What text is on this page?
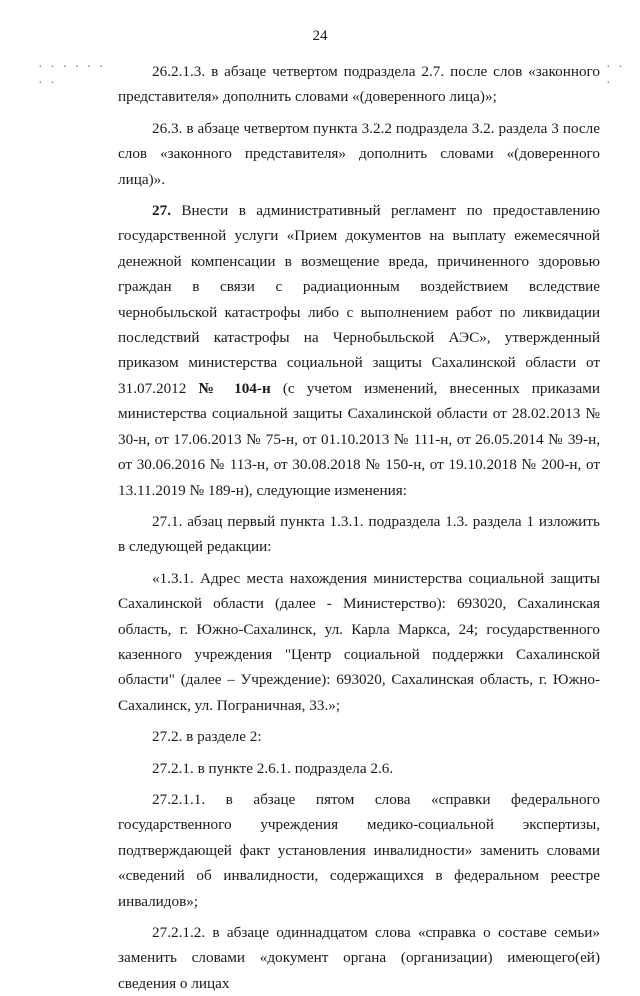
24
· · · · · · · ·
· · ·

26.2.1.3. в абзаце четвертом подраздела 2.7. после слов «законного представителя» дополнить словами «(доверенного лица)»;

26.3. в абзаце четвертом пункта 3.2.2 подраздела 3.2. раздела 3 после слов «законного представителя» дополнить словами «(доверенного лица)».

27. Внести в административный регламент по предоставлению государственной услуги «Прием документов на выплату ежемесячной денежной компенсации в возмещение вреда, причиненного здоровью граждан в связи с радиационным воздействием вследствие чернобыльской катастрофы либо с выполнением работ по ликвидации последствий катастрофы на Чернобыльской АЭС», утвержденный приказом министерства социальной защиты Сахалинской области от 31.07.2012 № 104-н (с учетом изменений, внесенных приказами министерства социальной защиты Сахалинской области от 28.02.2013 № 30-н, от 17.06.2013 № 75-н, от 01.10.2013 № 111-н, от 26.05.2014 № 39-н, от 30.06.2016 № 113-н, от 30.08.2018 № 150-н, от 19.10.2018 № 200-н, от 13.11.2019 № 189-н), следующие изменения:

27.1. абзац первый пункта 1.3.1. подраздела 1.3. раздела 1 изложить в следующей редакции:

«1.3.1. Адрес места нахождения министерства социальной защиты Сахалинской области (далее - Министерство): 693020, Сахалинская область, г. Южно-Сахалинск, ул. Карла Маркса, 24; государственного казенного учреждения "Центр социальной поддержки Сахалинской области" (далее – Учреждение): 693020, Сахалинская область, г. Южно-Сахалинск, ул. Пограничная, 33.»;

27.2. в разделе 2:

27.2.1. в пункте 2.6.1. подраздела 2.6.

27.2.1.1. в абзаце пятом слова «справки федерального государственного учреждения медико-социальной экспертизы, подтверждающей факт установления инвалидности» заменить словами «сведений об инвалидности, содержащихся в федеральном реестре инвалидов»;

27.2.1.2. в абзаце одиннадцатом слова «справка о составе семьи» заменить словами «документ органа (организации) имеющего(ей) сведения о лицах
